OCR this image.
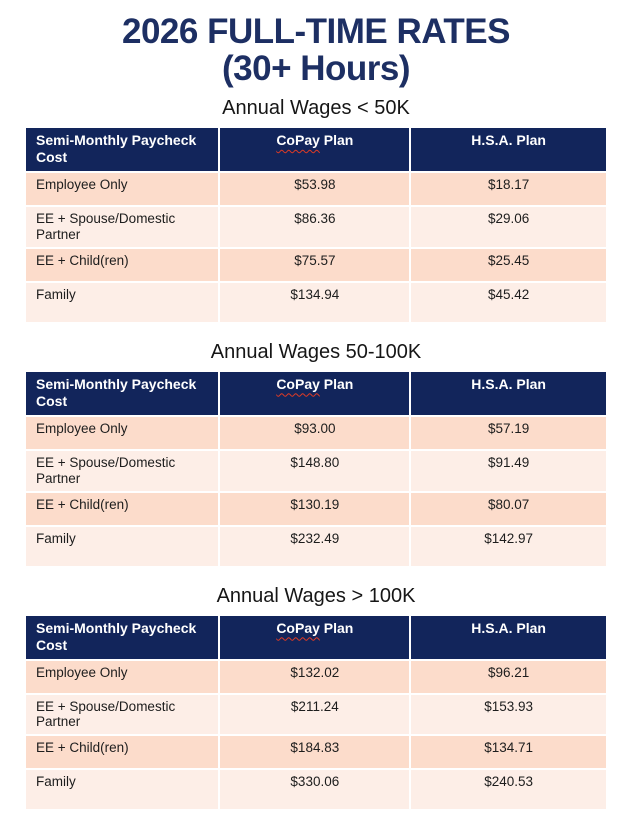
2026 FULL-TIME RATES
(30+ Hours)
Annual Wages < 50K
Semi-Monthly Paycheck Cost	CoPay Plan	H.S.A. Plan
Employee Only	$53.98	$18.17
EE + Spouse/Domestic Partner	$86.36	$29.06
EE + Child(ren)	$75.57	$25.45
Family	$134.94	$45.42
Annual Wages 50-100K
Semi-Monthly Paycheck Cost	CoPay Plan	H.S.A. Plan
Employee Only	$93.00	$57.19
EE + Spouse/Domestic Partner	$148.80	$91.49
EE + Child(ren)	$130.19	$80.07
Family	$232.49	$142.97
Annual Wages > 100K
Semi-Monthly Paycheck Cost	CoPay Plan	H.S.A. Plan
Employee Only	$132.02	$96.21
EE + Spouse/Domestic Partner	$211.24	$153.93
EE + Child(ren)	$184.83	$134.71
Family	$330.06	$240.53
